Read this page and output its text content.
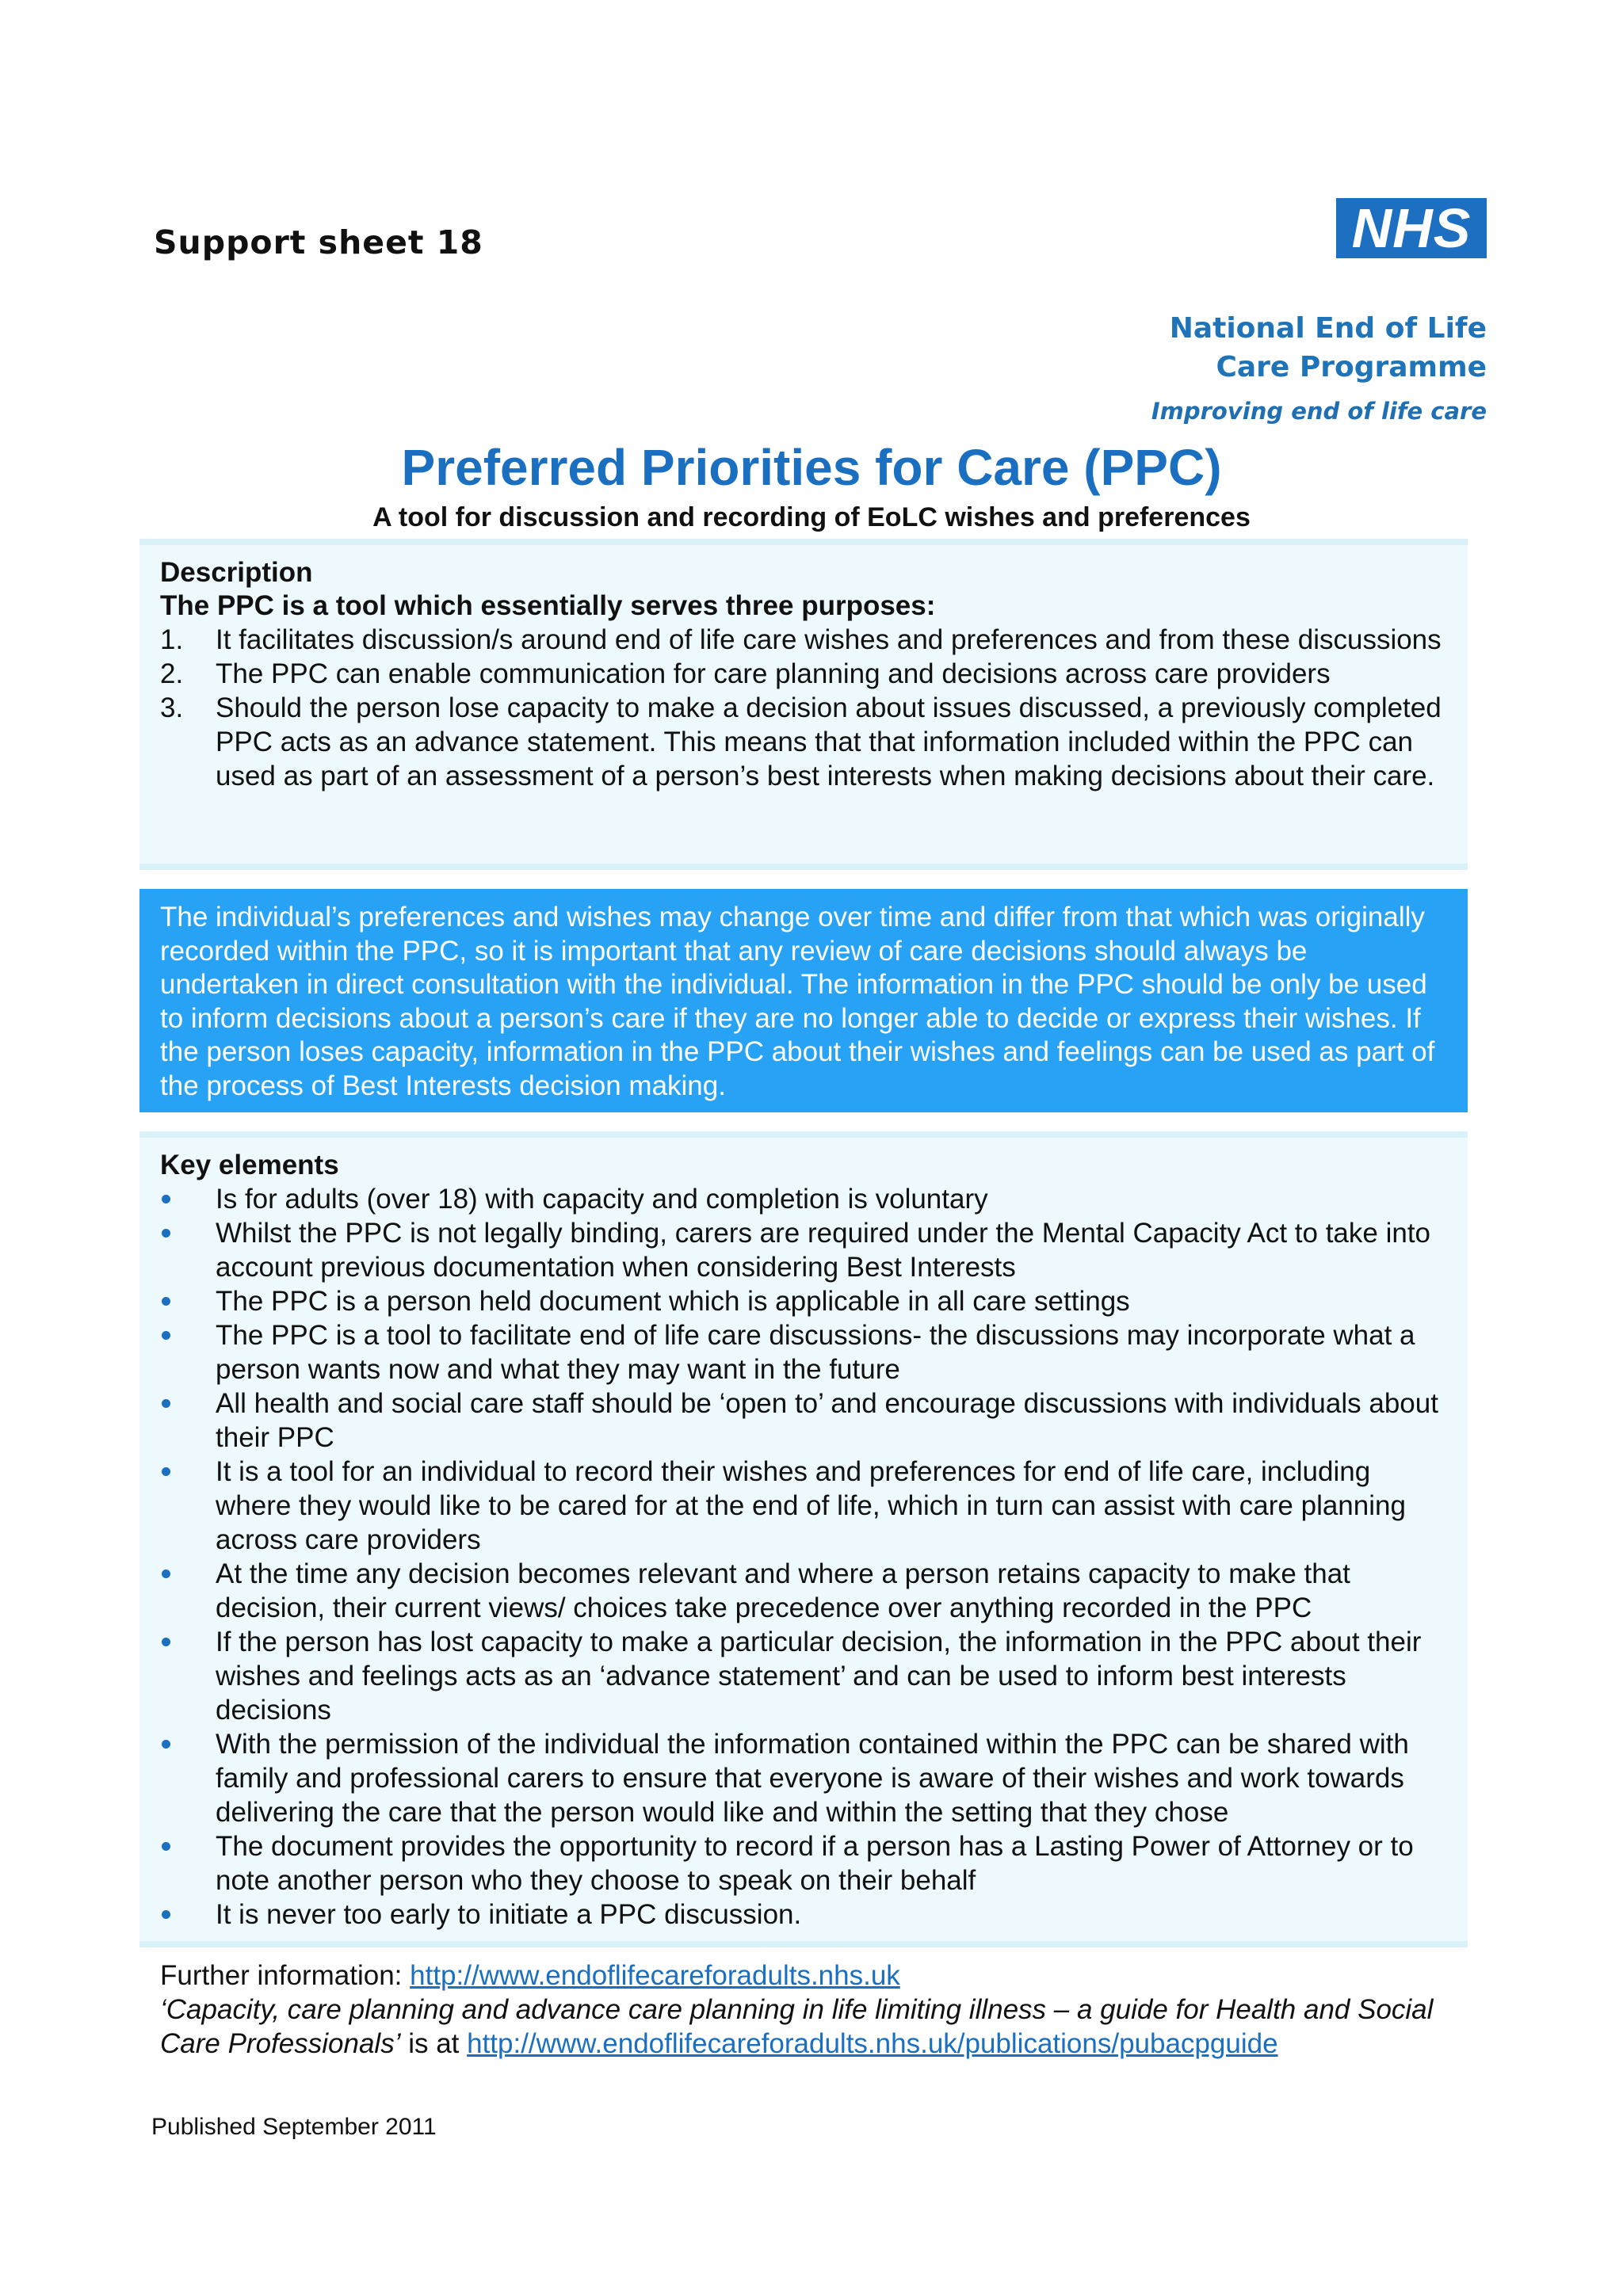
Support sheet 18	NHS
National End of Life
Care Programme
Improving end of life care
Preferred Priorities for Care (PPC)
A tool for discussion and recording of EoLC wishes and preferences
Description
The PPC is a tool which essentially serves three purposes:
1. It facilitates discussion/s around end of life care wishes and preferences and from these discussions
2. The PPC can enable communication for care planning and decisions across care providers
3. Should the person lose capacity to make a decision about issues discussed, a previously completed PPC acts as an advance statement. This means that that information included within the PPC can used as part of an assessment of a person’s best interests when making decisions about their care.
The individual’s preferences and wishes may change over time and differ from that which was originally recorded within the PPC, so it is important that any review of care decisions should always be undertaken in direct consultation with the individual. The information in the PPC should be only be used to inform decisions about a person’s care if they are no longer able to decide or express their wishes. If the person loses capacity, information in the PPC about their wishes and feelings can be used as part of the process of Best Interests decision making.
Key elements
Is for adults (over 18) with capacity and completion is voluntary
Whilst the PPC is not legally binding, carers are required under the Mental Capacity Act to take into account previous documentation when considering Best Interests
The PPC is a person held document which is applicable in all care settings
The PPC is a tool to facilitate end of life care discussions- the discussions may incorporate what a person wants now and what they may want in the future
All health and social care staff should be ‘open to’ and encourage discussions with individuals about their PPC
It is a tool for an individual to record their wishes and preferences for end of life care, including where they would like to be cared for at the end of life, which in turn can assist with care planning across care providers
At the time any decision becomes relevant and where a person retains capacity to make that decision, their current views/ choices take precedence over anything recorded in the PPC
If the person has lost capacity to make a particular decision, the information in the PPC about their wishes and feelings acts as an ‘advance statement’ and can be used to inform best interests decisions
With the permission of the individual the information contained within the PPC can be shared with family and professional carers to ensure that everyone is aware of their wishes and work towards delivering the care that the person would like and within the setting that they chose
The document provides the opportunity to record if a person has a Lasting Power of Attorney or to note another person who they choose to speak on their behalf
It is never too early to initiate a PPC discussion.
Further information: http://www.endoflifecareforadults.nhs.uk
‘Capacity, care planning and advance care planning in life limiting illness – a guide for Health and Social Care Professionals’ is at http://www.endoflifecareforadults.nhs.uk/publications/pubacpguide
Published September 2011
